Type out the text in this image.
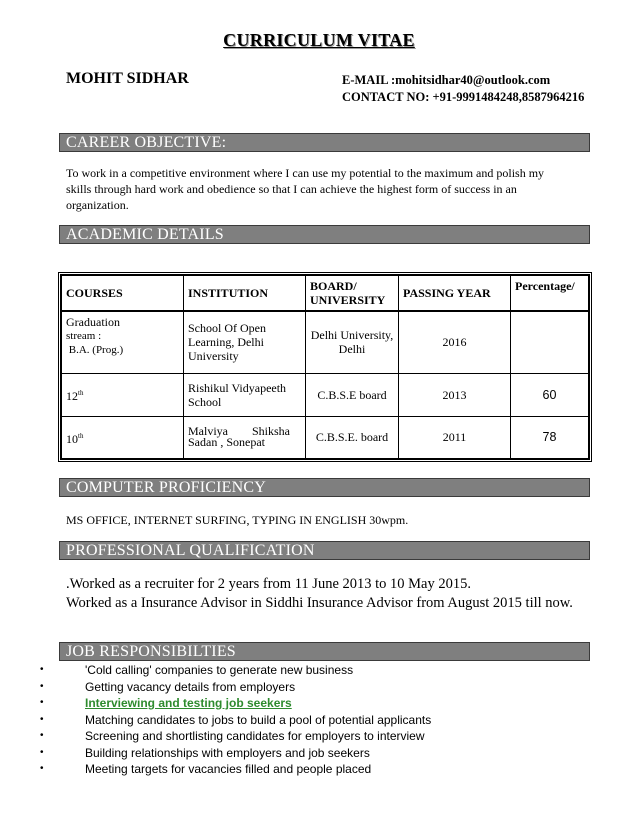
CURRICULUM VITAE
MOHIT SIDHAR	E-MAIL :mohitsidhar40@outlook.com
CONTACT NO: +91-9991484248,8587964216
CAREER OBJECTIVE:
To work in a competitive environment where I can use my potential to the maximum and polish my
skills through hard work and obedience so that I can achieve the highest form of success in an
organization.
ACADEMIC DETAILS
COURSES	INSTITUTION	BOARD/ UNIVERSITY	PASSING YEAR	Percentage/

Graduation
stream :
B.A. (Prog.)	School Of Open Learning, Delhi University	Delhi University, Delhi	2016	
12th	Rishikul Vidyapeeth School	C.B.S.E board	2013	60
10th	Malviya        Shiksha
Sadan , Sonepat	C.B.S.E. board	2011	78
COMPUTER PROFICIENCY
MS OFFICE, INTERNET SURFING, TYPING IN ENGLISH 30wpm.
PROFESSIONAL QUALIFICATION
.Worked as a recruiter for 2 years from 11 June 2013 to 10 May 2015.
Worked as a Insurance Advisor in Siddhi Insurance Advisor from August 2015 till now.
JOB RESPONSIBILTIES
•	'Cold calling' companies to generate new business
•	Getting vacancy details from employers
•	Interviewing and testing job seekers
•	Matching candidates to jobs to build a pool of potential applicants
•	Screening and shortlisting candidates for employers to interview
•	Building relationships with employers and job seekers
•	Meeting targets for vacancies filled and people placed
